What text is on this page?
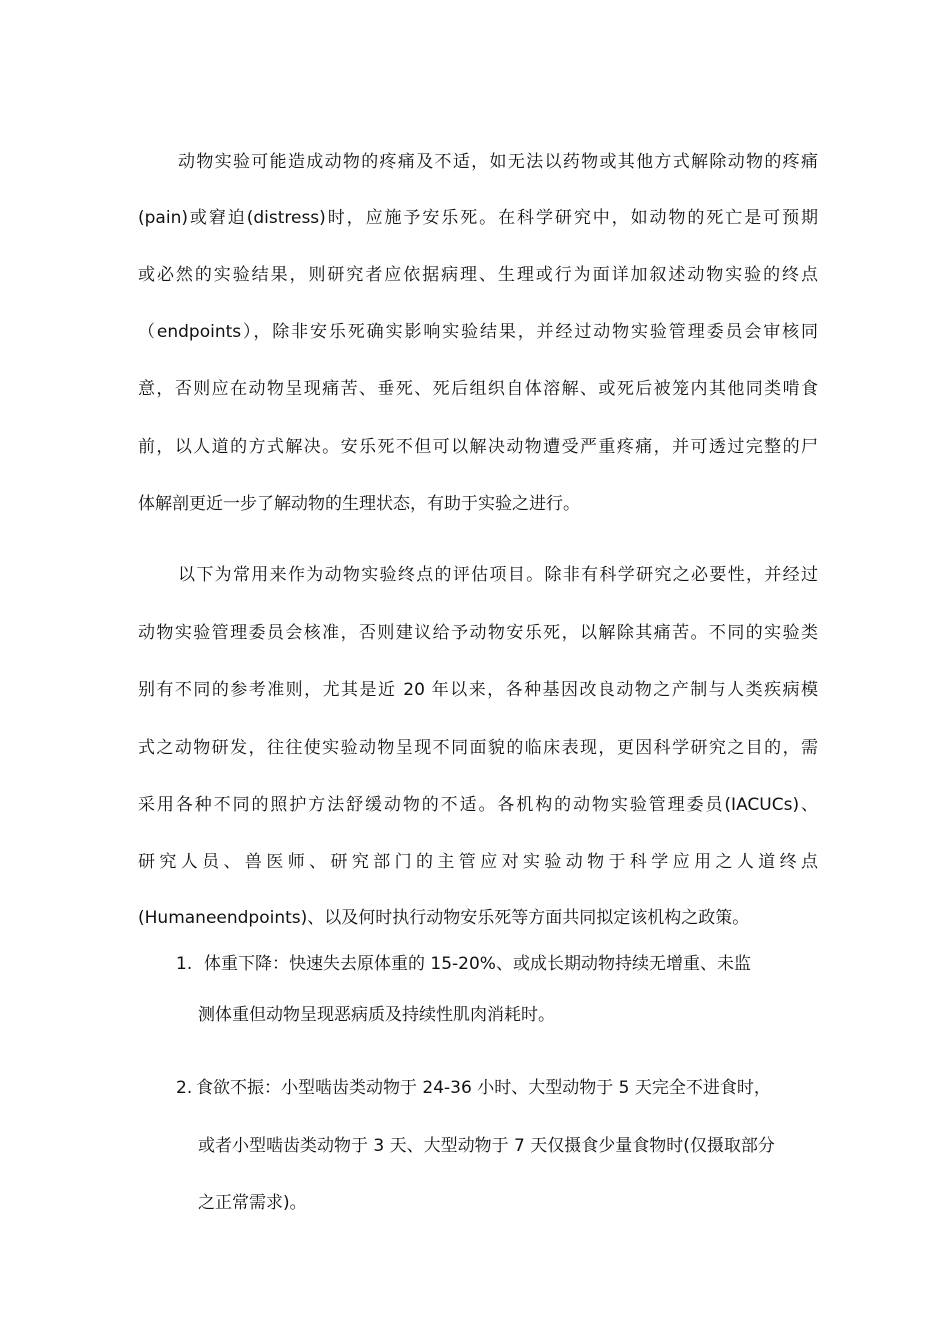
动物实验可能造成动物的疼痛及不适，如无法以药物或其他方式解除动物的疼痛
(pain)或窘迫(distress)时，应施予安乐死。在科学研究中，如动物的死亡是可预期
或必然的实验结果，则研究者应依据病理、生理或行为面详加叙述动物实验的终点
（endpoints），除非安乐死确实影响实验结果，并经过动物实验管理委员会审核同
意，否则应在动物呈现痛苦、垂死、死后组织自体溶解、或死后被笼内其他同类啃食
前，以人道的方式解决。安乐死不但可以解决动物遭受严重疼痛，并可透过完整的尸
体解剖更近一步了解动物的生理状态，有助于实验之进行。
以下为常用来作为动物实验终点的评估项目。除非有科学研究之必要性，并经过
动物实验管理委员会核准，否则建议给予动物安乐死，以解除其痛苦。不同的实验类
别有不同的参考准则，尤其是近 20 年以来，各种基因改良动物之产制与人类疾病模
式之动物研发，往往使实验动物呈现不同面貌的临床表现，更因科学研究之目的，需
采用各种不同的照护方法舒缓动物的不适。各机构的动物实验管理委员(IACUCs)、
研究人员、兽医师、研究部门的主管应对实验动物于科学应用之人道终点
(Humaneendpoints)、以及何时执行动物安乐死等方面共同拟定该机构之政策。
1. 体重下降：快速失去原体重的 15-20%、或成长期动物持续无增重、未监
测体重但动物呈现恶病质及持续性肌肉消耗时。
2. 食欲不振：小型啮齿类动物于 24-36 小时、大型动物于 5 天完全不进食时，
或者小型啮齿类动物于 3 天、大型动物于 7 天仅摄食少量食物时(仅摄取部分
之正常需求)。
